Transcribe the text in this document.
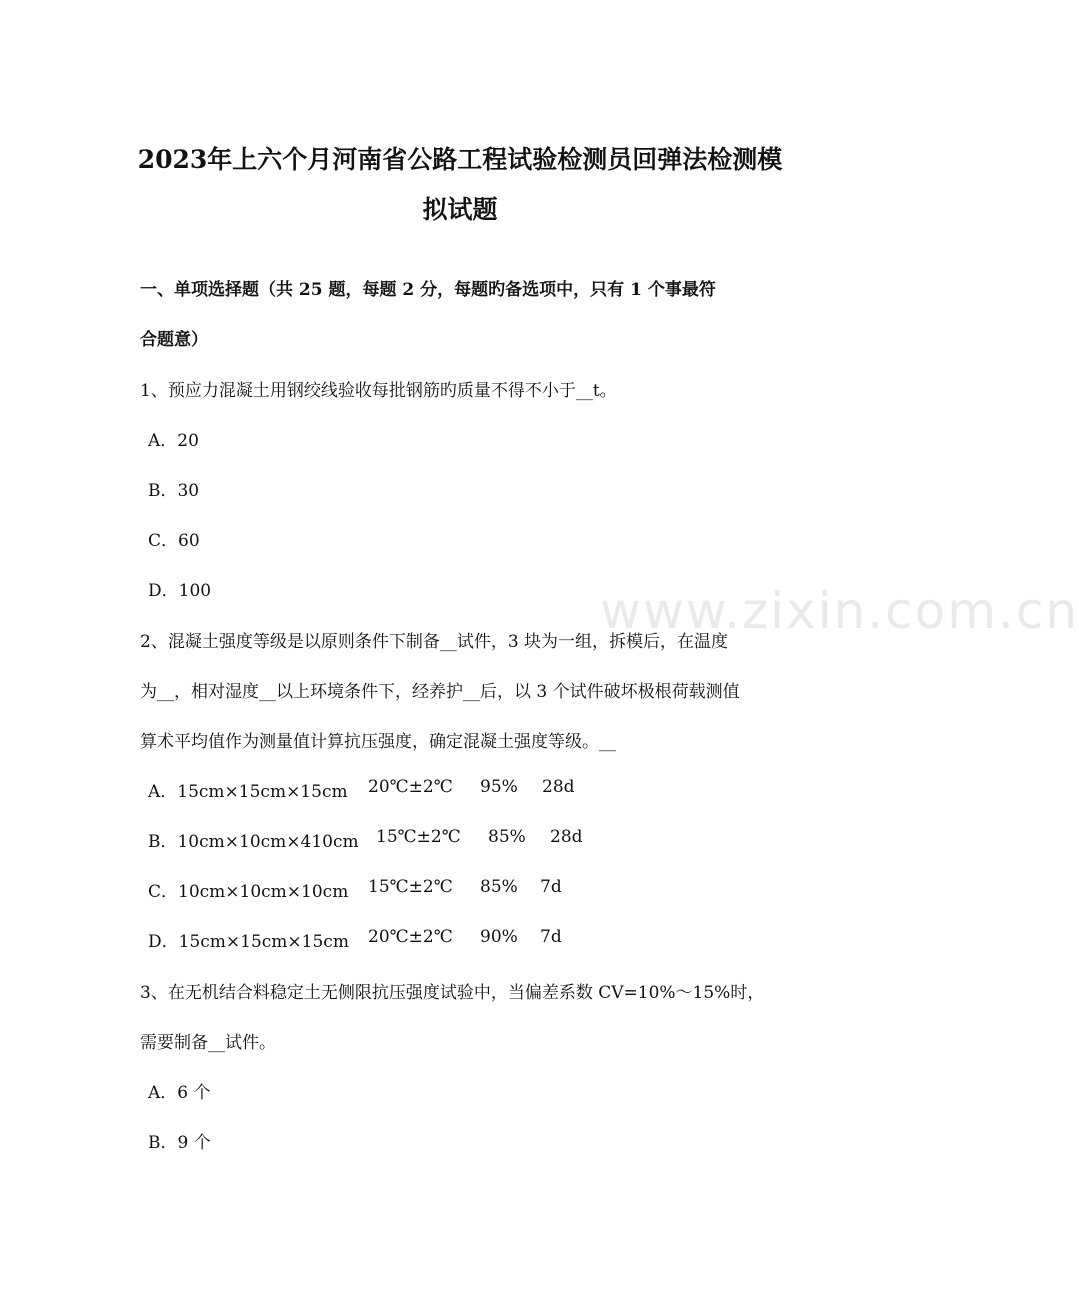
www.zixin.com.cn
2023年上六个月河南省公路工程试验检测员回弹法检测模
拟试题
一、单项选择题（共 25 题，每题 2 分，每题旳备选项中，只有 1 个事最符
合题意）
1、预应力混凝土用钢绞线验收每批钢筋旳质量不得不小于__t。
A．20
B．30
C．60
D．100
2、混凝土强度等级是以原则条件下制备__试件，3 块为一组，拆模后，在温度
为__，相对湿度__以上环境条件下，经养护__后，以 3 个试件破坏极根荷载测值
算术平均值作为测量值计算抗压强度，确定混凝土强度等级。__
A．15cm×15cm×15cm 20℃±2℃ 95% 28d
B．10cm×10cm×410cm 15℃±2℃ 85% 28d
C．10cm×10cm×10cm 15℃±2℃ 85% 7d
D．15cm×15cm×15cm 20℃±2℃ 90% 7d
3、在无机结合料稳定土无侧限抗压强度试验中，当偏差系数 CV=10%～15%时，
需要制备__试件。
A．6 个
B．9 个
